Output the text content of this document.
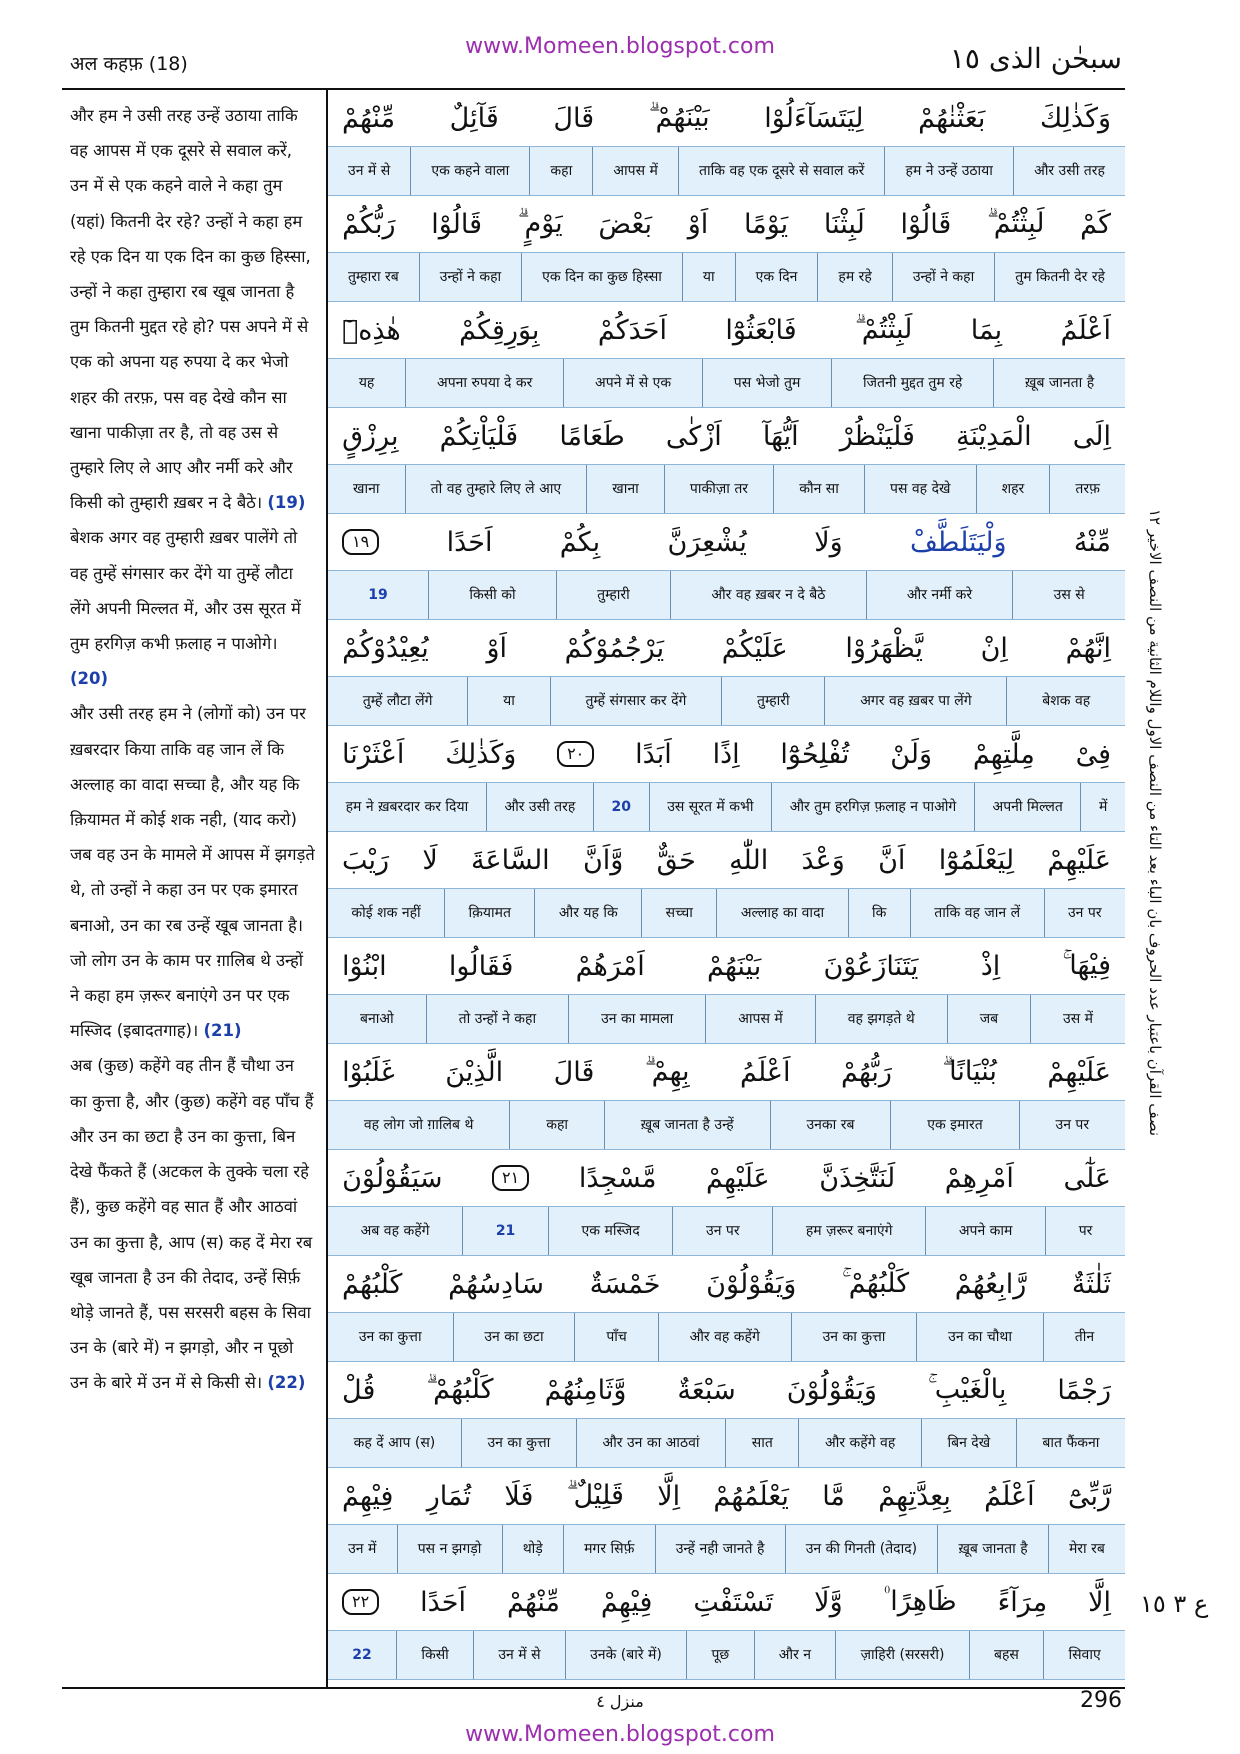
www.Momeen.blogspot.com
अल कहफ़ (18)	سبحٰن الذی ١٥
और हम ने उसी तरह उन्हें उठाया ताकि वह आपस में एक दूसरे से सवाल करें, उन में से एक कहने वाले ने कहा तुम (यहां) कितनी देर रहे? उन्हों ने कहा हम रहे एक दिन या एक दिन का कुछ हिस्सा, उन्हों ने कहा तुम्हारा रब खूब जानता है तुम कितनी मुद्दत रहे हो? पस अपने में से एक को अपना यह रुपया दे कर भेजो शहर की तरफ़, पस वह देखे कौन सा खाना पाकीज़ा तर है, तो वह उस से तुम्हारे लिए ले आए और नर्मी करे और किसी को तुम्हारी ख़बर न दे बैठे। (19)
बेशक अगर वह तुम्हारी ख़बर पालेंगे तो वह तुम्हें संगसार कर देंगे या तुम्हें लौटा लेंगे अपनी मिल्लत में, और उस सूरत में तुम हरगिज़ कभी फ़लाह न पाओगे। (20)
और उसी तरह हम ने (लोगों को) उन पर ख़बरदार किया ताकि वह जान लें कि अल्लाह का वादा सच्चा है, और यह कि क़ियामत में कोई शक नही, (याद करो) जब वह उन के मामले में आपस में झगड़ते थे, तो उन्हों ने कहा उन पर एक इमारत बनाओ, उन का रब उन्हें खूब जानता है। जो लोग उन के काम पर ग़ालिब थे उन्हों ने कहा हम ज़रूर बनाएंगे उन पर एक मस्जिद (इबादतगाह)। (21)
अब (कुछ) कहेंगे वह तीन हैं चौथा उन का कुत्ता है, और (कुछ) कहेंगे वह पाँच हैं और उन का छटा है उन का कुत्ता, बिन देखे फैंकते हैं (अटकल के तुक्के चला रहे हैं), कुछ कहेंगे वह सात हैं और आठवां उन का कुत्ता है, आप (स) कह दें मेरा रब खूब जानता है उन की तेदाद, उन्हें सिर्फ़ थोड़े जानते हैं, पस सरसरी बहस के सिवा उन के (बारे में) न झगड़ो, और न पूछो उन के बारे में उन में से किसी से। (22)

وَكَذٰلِكَ
بَعَثْنٰهُمْ
لِيَتَسَآءَلُوْا
بَيْنَهُمْ ۗ
قَالَ
قَآئِلٌ
مِّنْهُمْ
और उसी तरह
हम ने उन्हें उठाया
ताकि वह एक दूसरे से सवाल करें
आपस में
कहा
एक कहने वाला
उन में से
كَمْ
لَبِثْتُمْ ۗ
قَالُوْا
لَبِثْنَا
يَوْمًا
اَوْ
بَعْضَ
يَوْمٍ ۗ
قَالُوْا
رَبُّكُمْ
तुम कितनी देर रहे
उन्हों ने कहा
हम रहे
एक दिन
या
एक दिन का कुछ हिस्सा
उन्हों ने कहा
तुम्हारा रब
اَعْلَمُ
بِمَا
لَبِثْتُمْ ۗ
فَابْعَثُوْٓا
اَحَدَكُمْ
بِوَرِقِكُمْ
هٰذِهٖٓ
ख़ूब जानता है
जितनी मुद्दत तुम रहे
पस भेजो तुम
अपने में से एक
अपना रुपया दे कर
यह
اِلَى
الْمَدِيْنَةِ
فَلْيَنْظُرْ
اَيُّهَآ
اَزْكٰى
طَعَامًا
فَلْيَاْتِكُمْ
بِرِزْقٍ
तरफ़
शहर
पस वह देखे
कौन सा
पाकीज़ा तर
खाना
तो वह तुम्हारे लिए ले आए
खाना
مِّنْهُ
وَلْيَتَلَطَّفْ
وَلَا
يُشْعِرَنَّ
بِكُمْ
اَحَدًا
١٩
उस से
और नर्मी करे
और वह ख़बर न दे बैठे
तुम्हारी
किसी को
19
اِنَّهُمْ
اِنْ
يَّظْهَرُوْا
عَلَيْكُمْ
يَرْجُمُوْكُمْ
اَوْ
يُعِيْدُوْكُمْ
बेशक वह
अगर वह ख़बर पा लेंगे
तुम्हारी
तुम्हें संगसार कर देंगे
या
तुम्हें लौटा लेंगे
فِىْ
مِلَّتِهِمْ
وَلَنْ
تُفْلِحُوْٓا
اِذًا
اَبَدًا
٢٠
وَكَذٰلِكَ
اَعْثَرْنَا
में
अपनी मिल्लत
और तुम हरगिज़ फ़लाह न पाओगे
उस सूरत में कभी
20
और उसी तरह
हम ने ख़बरदार कर दिया
عَلَيْهِمْ
لِيَعْلَمُوْٓا
اَنَّ
وَعْدَ
اللّٰهِ
حَقٌّ
وَّاَنَّ
السَّاعَةَ
لَا
رَيْبَ
उन पर
ताकि वह जान लें
कि
अल्लाह का वादा
सच्चा
और यह कि
क़ियामत
कोई शक नहीं
فِيْهَا ۚ
اِذْ
يَتَنَازَعُوْنَ
بَيْنَهُمْ
اَمْرَهُمْ
فَقَالُوا
ابْنُوْا
उस में
जब
वह झगड़ते थे
आपस में
उन का मामला
तो उन्हों ने कहा
बनाओ
عَلَيْهِمْ
بُنْيَانًا ۗ
رَبُّهُمْ
اَعْلَمُ
بِهِمْ ۗ
قَالَ
الَّذِيْنَ
غَلَبُوْا
उन पर
एक इमारत
उनका रब
ख़ूब जानता है उन्हें
कहा
वह लोग जो ग़ालिब थे
عَلٰٓى
اَمْرِهِمْ
لَنَتَّخِذَنَّ
عَلَيْهِمْ
مَّسْجِدًا
٢١
سَيَقُوْلُوْنَ
पर
अपने काम
हम ज़रूर बनाएंगे
उन पर
एक मस्जिद
21
अब वह कहेंगे
ثَلٰثَةٌ
رَّابِعُهُمْ
كَلْبُهُمْ ۚ
وَيَقُوْلُوْنَ
خَمْسَةٌ
سَادِسُهُمْ
كَلْبُهُمْ
तीन
उन का चौथा
उन का कुत्ता
और वह कहेंगे
पाँच
उन का छटा
उन का कुत्ता
رَجْمًا
بِالْغَيْبِ ۚ
وَيَقُوْلُوْنَ
سَبْعَةٌ
وَّثَامِنُهُمْ
كَلْبُهُمْ ۗ
قُلْ
बात फैंकना
बिन देखे
और कहेंगे वह
सात
और उन का आठवां
उन का कुत्ता
कह दें आप (स)
رَّبِّىْٓ
اَعْلَمُ
بِعِدَّتِهِمْ
مَّا
يَعْلَمُهُمْ
اِلَّا
قَلِيْلٌ ۗ
فَلَا
تُمَارِ
فِيْهِمْ
मेरा रब
ख़ूब जानता है
उन की गिनती (तेदाद)
उन्हें नही जानते है
मगर सिर्फ़
थोड़े
पस न झगड़ो
उन में
اِلَّا
مِرَآءً
ظَاهِرًا ۠
وَّلَا
تَسْتَفْتِ
فِيْهِمْ
مِّنْهُمْ
اَحَدًا
٢٢
सिवाए
बहस
ज़ाहिरी (सरसरी)
और न
पूछ
उनके (बारे में)
उन में से
किसी
22
نصف القرآن باعتبار عدد الحروف بان الباء بعد التاء من النصف الاول واللام الثانية من النصف الاخير ١٢
ع ٣ ١٥
منزل ٤	296
www.Momeen.blogspot.com
